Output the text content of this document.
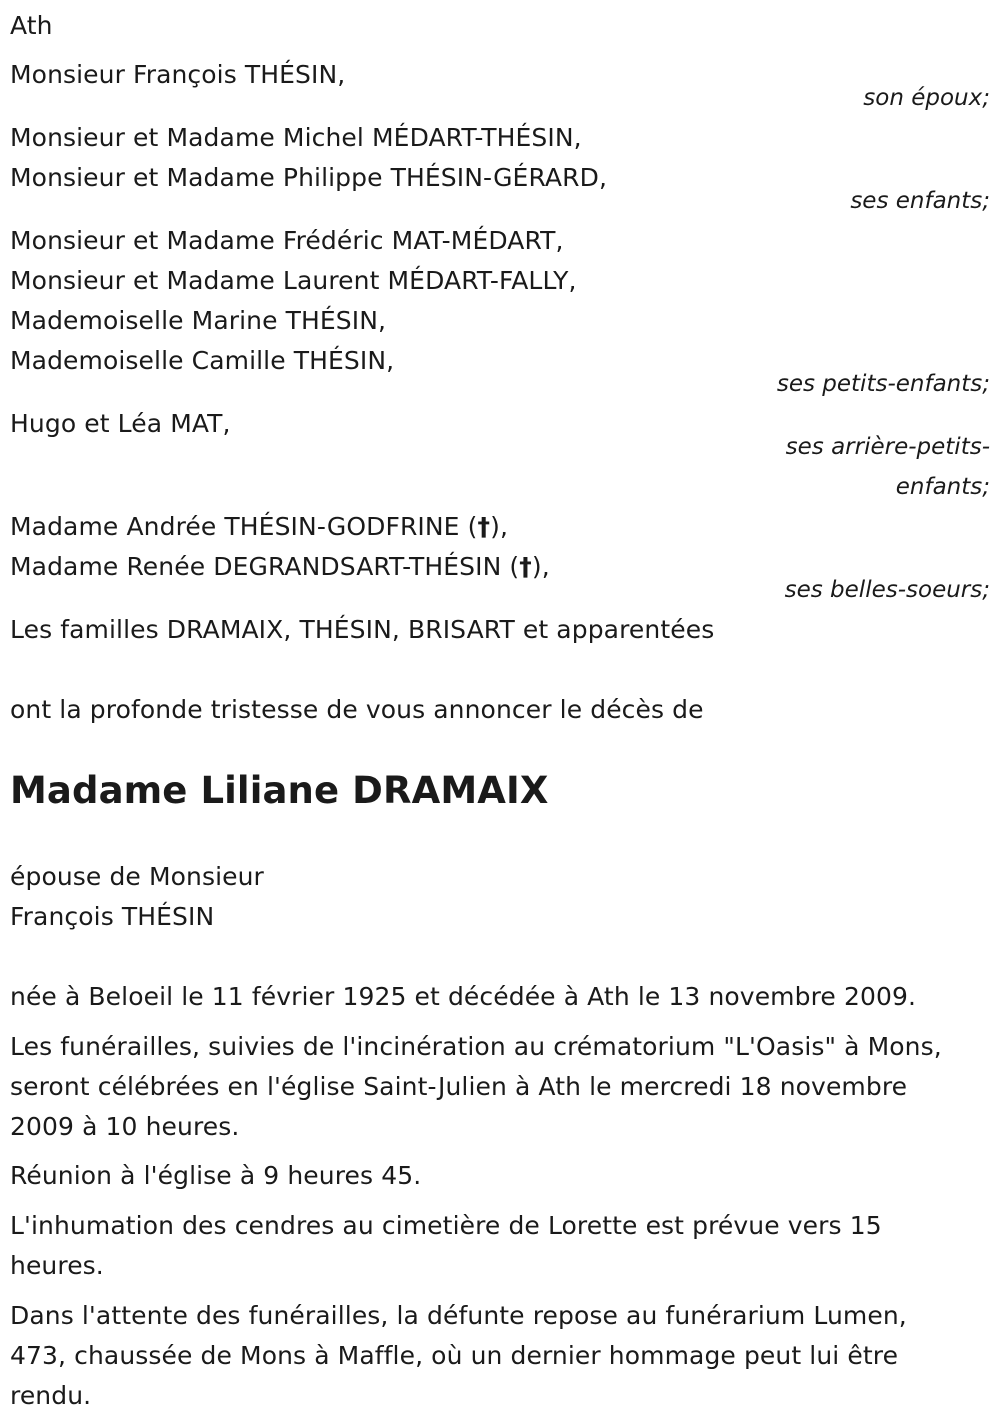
Ath
Monsieur François THÉSIN,
son époux;
Monsieur et Madame Michel MÉDART-THÉSIN,
Monsieur et Madame Philippe THÉSIN-GÉRARD,
ses enfants;
Monsieur et Madame Frédéric MAT-MÉDART,
Monsieur et Madame Laurent MÉDART-FALLY,
Mademoiselle Marine THÉSIN,
Mademoiselle Camille THÉSIN,
ses petits-enfants;
Hugo et Léa MAT,
ses arrière-petits-
enfants;
Madame Andrée THÉSIN-GODFRINE (†),
Madame Renée DEGRANDSART-THÉSIN (†),
ses belles-soeurs;
Les familles DRAMAIX, THÉSIN, BRISART et apparentées
ont la profonde tristesse de vous annoncer le décès de
Madame Liliane DRAMAIX
épouse de Monsieur
François THÉSIN
née à Beloeil le 11 février 1925 et décédée à Ath le 13 novembre 2009.
Les funérailles, suivies de l'incinération au crématorium "L'Oasis" à Mons,
seront célébrées en l'église Saint-Julien à Ath le mercredi 18 novembre
2009 à 10 heures.
Réunion à l'église à 9 heures 45.
L'inhumation des cendres au cimetière de Lorette est prévue vers 15
heures.
Dans l'attente des funérailles, la défunte repose au funérarium Lumen,
473, chaussée de Mons à Maffle, où un dernier hommage peut lui être
rendu.
